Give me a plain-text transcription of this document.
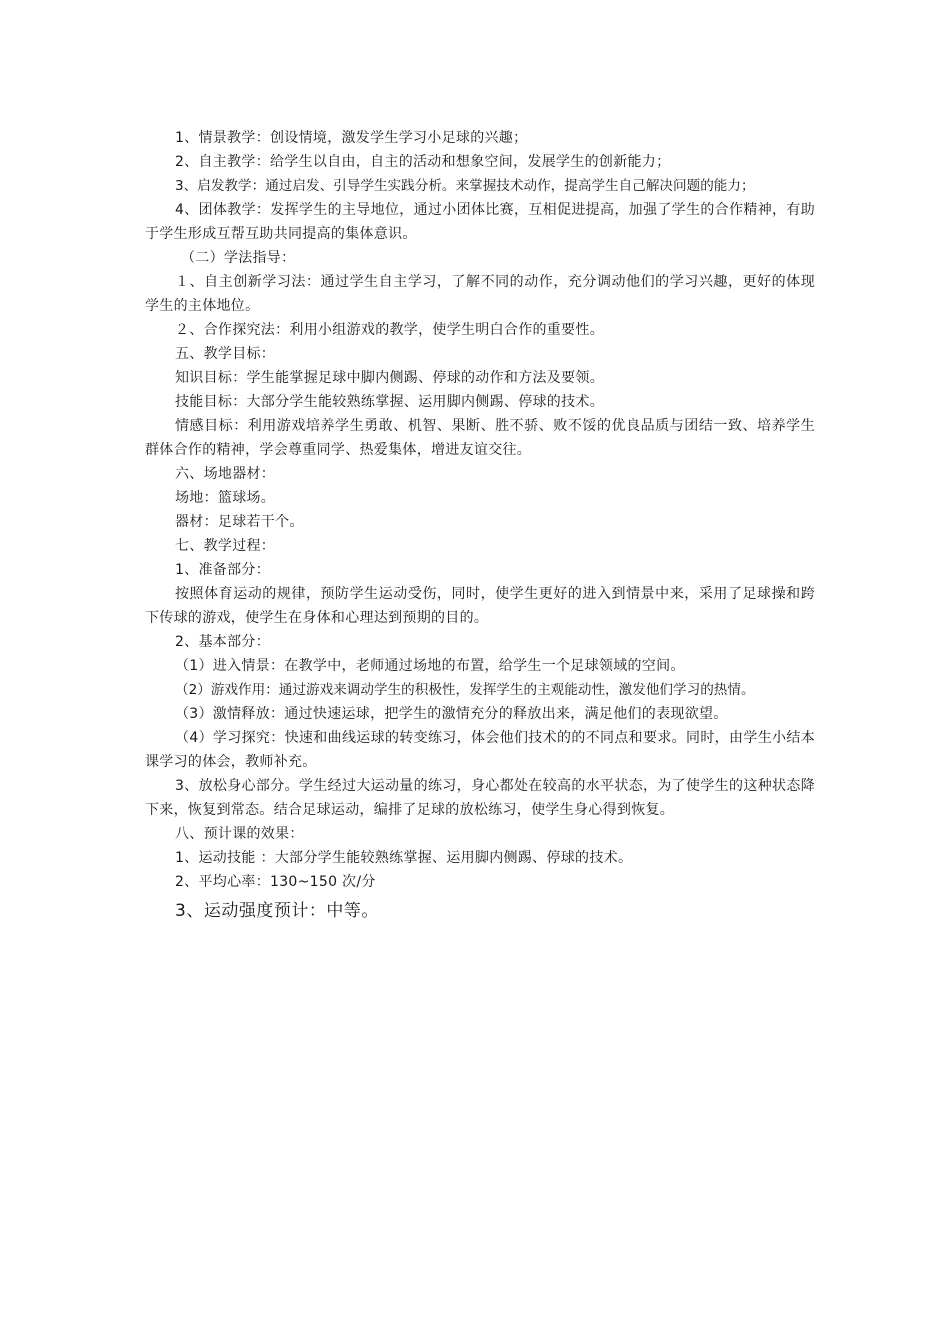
1、情景教学：创设情境，激发学生学习小足球的兴趣；

2、自主教学：给学生以自由，自主的活动和想象空间，发展学生的创新能力；

3、启发教学：通过启发、引导学生实践分析。来掌握技术动作，提高学生自己解决问题的能力；

4、团体教学：发挥学生的主导地位，通过小团体比赛，互相促进提高，加强了学生的合作精神，有助于学生形成互帮互助共同提高的集体意识。

（二）学法指导：

１、自主创新学习法：通过学生自主学习，了解不同的动作，充分调动他们的学习兴趣，更好的体现学生的主体地位。

２、合作探究法：利用小组游戏的教学，使学生明白合作的重要性。

五、教学目标：

知识目标：学生能掌握足球中脚内侧踢、停球的动作和方法及要领。

技能目标：大部分学生能较熟练掌握、运用脚内侧踢、停球的技术。

情感目标：利用游戏培养学生勇敢、机智、果断、胜不骄、败不馁的优良品质与团结一致、培养学生群体合作的精神，学会尊重同学、热爱集体，增进友谊交往。

六、场地器材：

场地：篮球场。

器材：足球若干个。

七、教学过程：

1、准备部分：

按照体育运动的规律，预防学生运动受伤，同时，使学生更好的进入到情景中来，采用了足球操和跨下传球的游戏，使学生在身体和心理达到预期的目的。

2、基本部分：

（1）进入情景：在教学中，老师通过场地的布置，给学生一个足球领域的空间。

（2）游戏作用：通过游戏来调动学生的积极性，发挥学生的主观能动性，激发他们学习的热情。

（3）激情释放：通过快速运球，把学生的激情充分的释放出来，满足他们的表现欲望。

（4）学习探究：快速和曲线运球的转变练习，体会他们技术的的不同点和要求。同时，由学生小结本课学习的体会，教师补充。

3、放松身心部分。学生经过大运动量的练习，身心都处在较高的水平状态，为了使学生的这种状态降下来，恢复到常态。结合足球运动，编排了足球的放松练习，使学生身心得到恢复。

八、预计课的效果：

1、运动技能 ：大部分学生能较熟练掌握、运用脚内侧踢、停球的技术。

2、平均心率：130~150 次/分

3、运动强度预计：中等。
